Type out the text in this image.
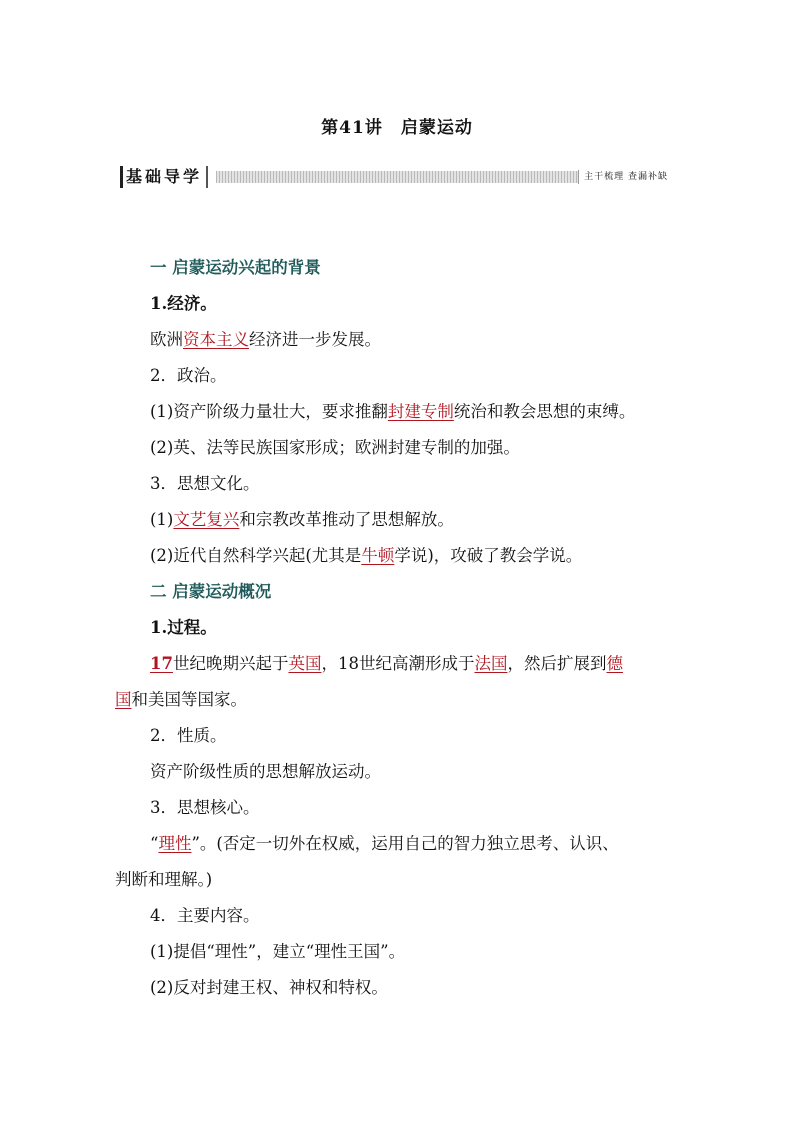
第41讲　启蒙运动
基础导学	主干梳理 查漏补缺
一 启蒙运动兴起的背景
1.经济。
欧洲资本主义经济进一步发展。
2．政治。
(1)资产阶级力量壮大，要求推翻封建专制统治和教会思想的束缚。
(2)英、法等民族国家形成；欧洲封建专制的加强。
3．思想文化。
(1)文艺复兴和宗教改革推动了思想解放。
(2)近代自然科学兴起(尤其是牛顿学说)，攻破了教会学说。
二 启蒙运动概况
1.过程。
17世纪晚期兴起于英国，18世纪高潮形成于法国，然后扩展到德
国和美国等国家。
2．性质。
资产阶级性质的思想解放运动。
3．思想核心。
“理性”。(否定一切外在权威，运用自己的智力独立思考、认识、
判断和理解。)
4．主要内容。
(1)提倡“理性”，建立“理性王国”。
(2)反对封建王权、神权和特权。
